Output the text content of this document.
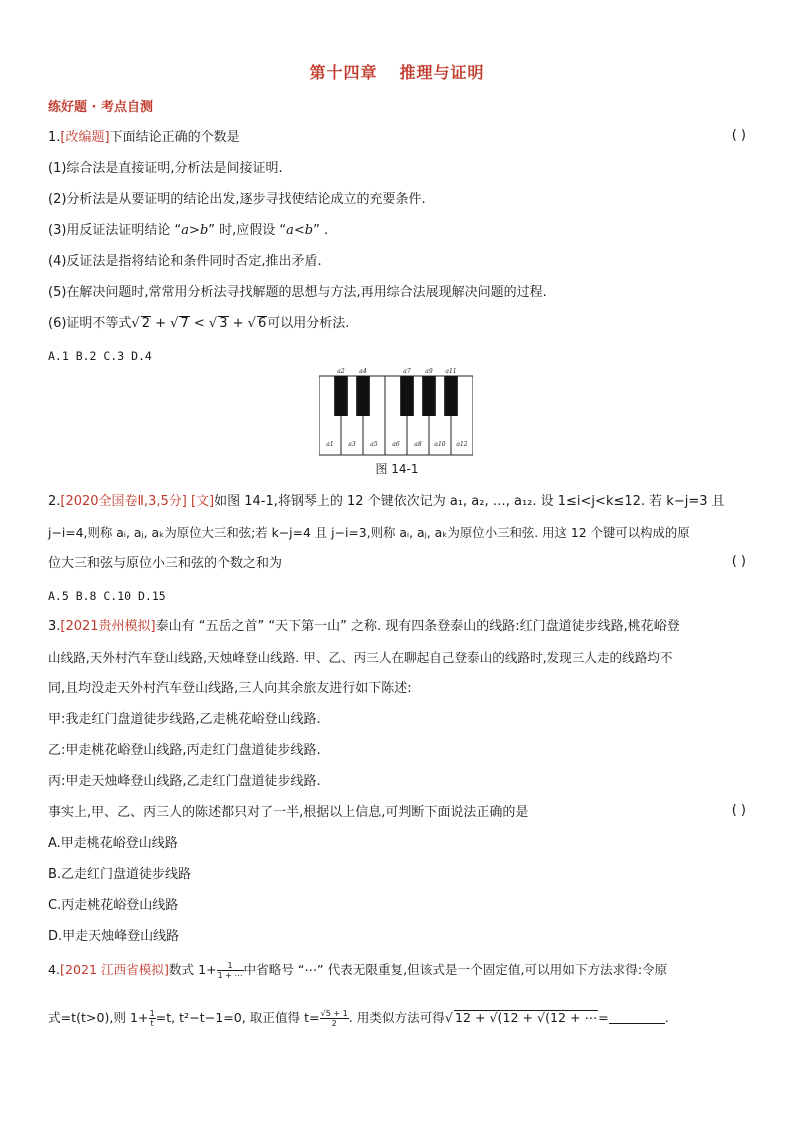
第十四章 推理与证明
练好题 · 考点自测
1.[改编题]下面结论正确的个数是	( )
(1)综合法是直接证明,分析法是间接证明.
(2)分析法是从要证明的结论出发,逐步寻找使结论成立的充要条件.
(3)用反证法证明结论 “a>b” 时,应假设 “a<b” .
(4)反证法是指将结论和条件同时否定,推出矛盾.
(5)在解决问题时,常常用分析法寻找解题的思想与方法,再用综合法展现解决问题的过程.
(6)证明不等式√ 2 + √ 7 < √ 3 + √ 6可以用分析法.
A.1 B.2 C.3 D.4
a1 a3 a5 a6 a8 a10 a12
a2 a4	a7 a9 a11
图 14-1
2.[2020全国卷Ⅱ,3,5分] [文]如图 14-1,将钢琴上的 12 个键依次记为 a₁, a₂, …, a₁₂. 设 1≤i<j<k≤12. 若 k−j=3 且
j−i=4,则称 aᵢ, aⱼ, aₖ为原位大三和弦;若 k−j=4 且 j−i=3,则称 aᵢ, aⱼ, aₖ为原位小三和弦. 用这 12 个键可以构成的原
位大三和弦与原位小三和弦的个数之和为	( )
A.5 B.8 C.10 D.15
3.[2021贵州模拟]泰山有 “五岳之首” “天下第一山” 之称. 现有四条登泰山的线路:红门盘道徒步线路,桃花峪登
山线路,天外村汽车登山线路,天烛峰登山线路. 甲、乙、丙三人在聊起自己登泰山的线路时,发现三人走的线路均不
同,且均没走天外村汽车登山线路,三人向其余旅友进行如下陈述:
甲:我走红门盘道徒步线路,乙走桃花峪登山线路.
乙:甲走桃花峪登山线路,丙走红门盘道徒步线路.
丙:甲走天烛峰登山线路,乙走红门盘道徒步线路.
事实上,甲、乙、丙三人的陈述都只对了一半,根据以上信息,可判断下面说法正确的是	( )
A.甲走桃花峪登山线路
B.乙走红门盘道徒步线路
C.丙走桃花峪登山线路
D.甲走天烛峰登山线路
4.[2021 江西省模拟]数式 $1+ \frac{1}{1 + \cdots}$ 中省略号 “⋯” 代表无限重复,但该式是一个固定值,可以用如下方法求得:令原
式=t(t>0),则 $1+ \frac{1}{t} =t$, t²−t−1=0, 取正值得 $t= \frac{√5 + 1}{2}$ . 用类似方法可得√ 12 + √(12 + √(12 + ⋯=	.
